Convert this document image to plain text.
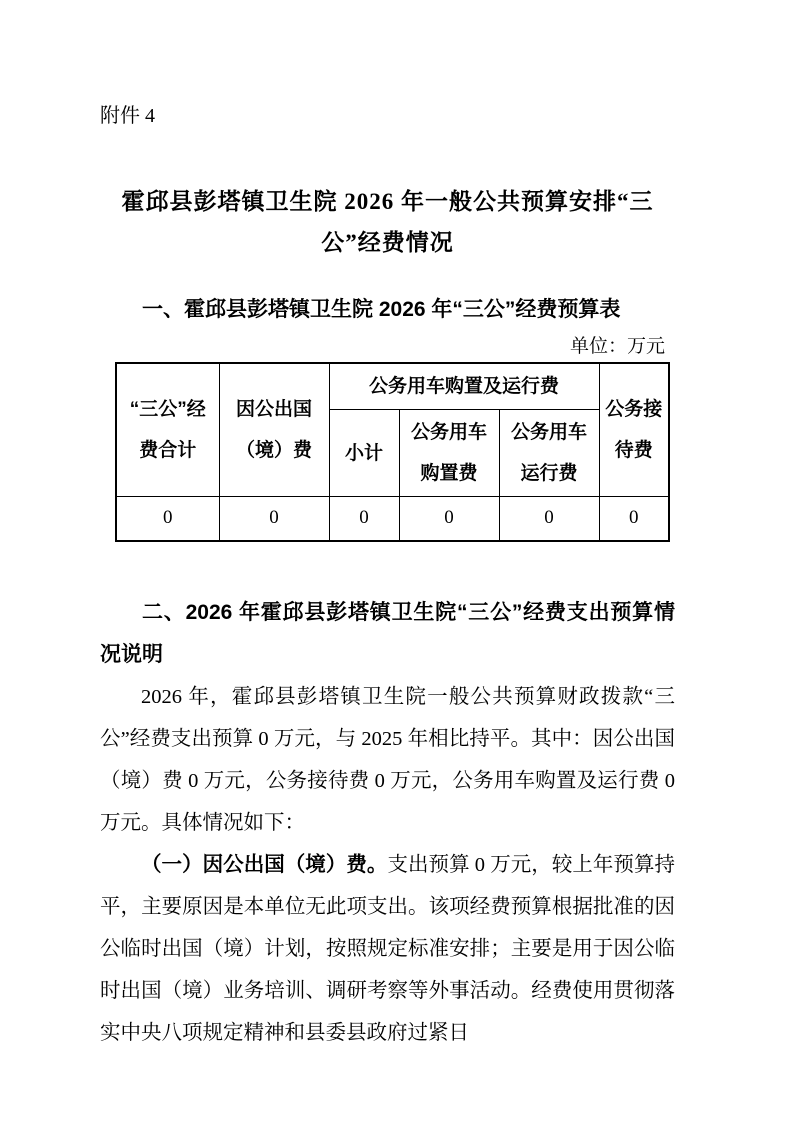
附件 4
霍邱县彭塔镇卫生院 2026 年一般公共预算安排“三公”经费情况
一、霍邱县彭塔镇卫生院 2026 年“三公”经费预算表
单位：万元
“三公”经费合计	因公出国（境）费	公务用车购置及运行费			公务接待费
		小计	公务用车购置费	公务用车运行费	
0	0	0	0	0	0
二、2026 年霍邱县彭塔镇卫生院“三公”经费支出预算情况说明

2026 年，霍邱县彭塔镇卫生院一般公共预算财政拨款“三公”经费支出预算 0 万元，与 2025 年相比持平。其中：因公出国（境）费 0 万元，公务接待费 0 万元，公务用车购置及运行费 0 万元。具体情况如下：

（一）因公出国（境）费。支出预算 0 万元，较上年预算持平，主要原因是本单位无此项支出。该项经费预算根据批准的因公临时出国（境）计划，按照规定标准安排；主要是用于因公临时出国（境）业务培训、调研考察等外事活动。经费使用贯彻落实中央八项规定精神和县委县政府过紧日
